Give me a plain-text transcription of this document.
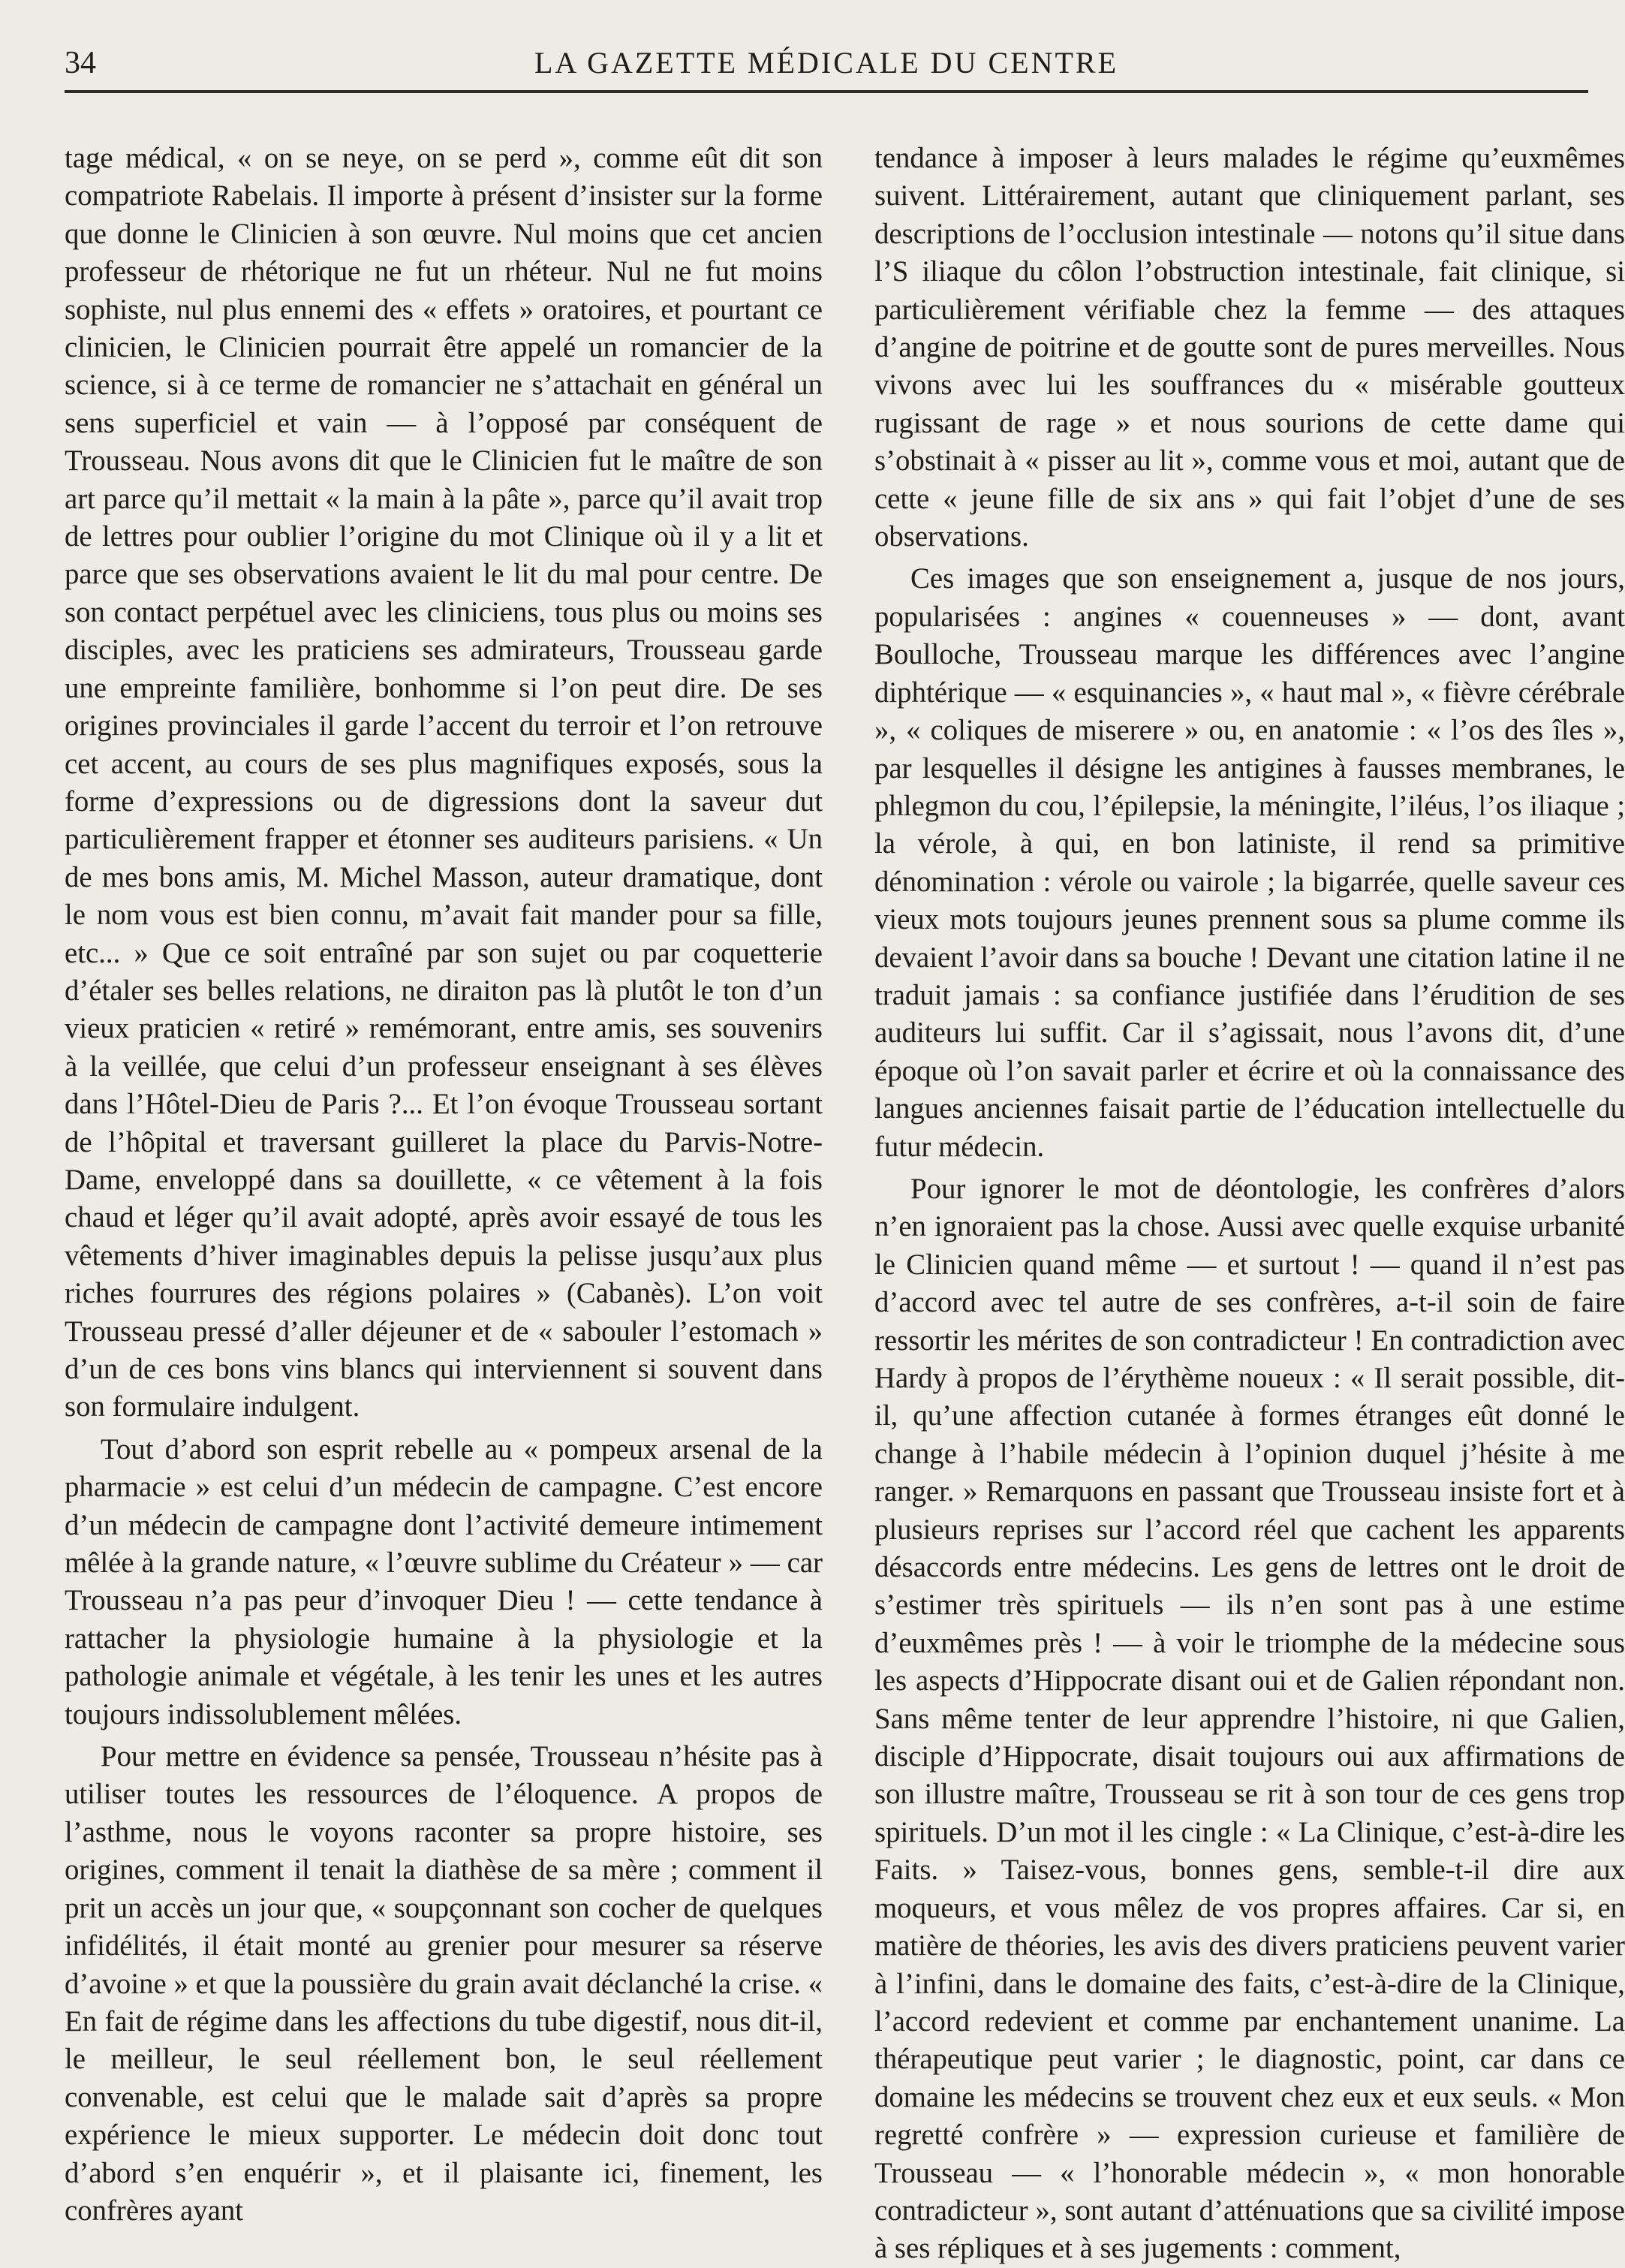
34	LA GAZETTE MÉDICALE DU CENTRE

tage médical, « on se neye, on se perd », comme eût dit son compatriote Rabelais. Il importe à présent d’insister sur la forme que donne le Clinicien à son œuvre. Nul moins que cet ancien professeur de rhétorique ne fut un rhéteur. Nul ne fut moins sophiste, nul plus ennemi des « effets » oratoires, et pourtant ce clinicien, le Clinicien pourrait être appelé un romancier de la science, si à ce terme de romancier ne s’attachait en général un sens superficiel et vain — à l’opposé par conséquent de Trousseau. Nous avons dit que le Clinicien fut le maître de son art parce qu’il mettait « la main à la pâte », parce qu’il avait trop de lettres pour oublier l’origine du mot Clinique où il y a lit et parce que ses observations avaient le lit du mal pour centre. De son contact perpétuel avec les cliniciens, tous plus ou moins ses disciples, avec les praticiens ses admirateurs, Trousseau garde une empreinte familière, bonhomme si l’on peut dire. De ses origines provinciales il garde l’accent du terroir et l’on retrouve cet accent, au cours de ses plus magnifiques exposés, sous la forme d’expressions ou de digressions dont la saveur dut particulièrement frapper et étonner ses auditeurs parisiens. « Un de mes bons amis, M. Michel Masson, auteur dramatique, dont le nom vous est bien connu, m’avait fait mander pour sa fille, etc... » Que ce soit entraîné par son sujet ou par coquetterie d’étaler ses belles relations, ne diraiton pas là plutôt le ton d’un vieux praticien « retiré » remémorant, entre amis, ses souvenirs à la veillée, que celui d’un professeur enseignant à ses élèves dans l’Hôtel-Dieu de Paris ?... Et l’on évoque Trousseau sortant de l’hôpital et traversant guilleret la place du Parvis-Notre-Dame, enveloppé dans sa douillette, « ce vêtement à la fois chaud et léger qu’il avait adopté, après avoir essayé de tous les vêtements d’hiver imaginables depuis la pelisse jusqu’aux plus riches fourrures des régions polaires » (Cabanès). L’on voit Trousseau pressé d’aller déjeuner et de « sabouler l’estomach » d’un de ces bons vins blancs qui interviennent si souvent dans son formulaire indulgent.

Tout d’abord son esprit rebelle au « pompeux arsenal de la pharmacie » est celui d’un médecin de campagne. C’est encore d’un médecin de campagne dont l’activité demeure intimement mêlée à la grande nature, « l’œuvre sublime du Créateur » — car Trousseau n’a pas peur d’invoquer Dieu ! — cette tendance à rattacher la physiologie humaine à la physiologie et la pathologie animale et végétale, à les tenir les unes et les autres toujours indissolublement mêlées.

Pour mettre en évidence sa pensée, Trousseau n’hésite pas à utiliser toutes les ressources de l’éloquence. A propos de l’asthme, nous le voyons raconter sa propre histoire, ses origines, comment il tenait la diathèse de sa mère ; comment il prit un accès un jour que, « soupçonnant son cocher de quelques infidélités, il était monté au grenier pour mesurer sa réserve d’avoine » et que la poussière du grain avait déclanché la crise. « En fait de régime dans les affections du tube digestif, nous dit-il, le meilleur, le seul réellement bon, le seul réellement convenable, est celui que le malade sait d’après sa propre expérience le mieux supporter. Le médecin doit donc tout d’abord s’en enquérir », et il plaisante ici, finement, les confrères ayant

tendance à imposer à leurs malades le régime qu’euxmêmes suivent. Littérairement, autant que cliniquement parlant, ses descriptions de l’occlusion intestinale — notons qu’il situe dans l’S iliaque du côlon l’obstruction intestinale, fait clinique, si particulièrement vérifiable chez la femme — des attaques d’angine de poitrine et de goutte sont de pures merveilles. Nous vivons avec lui les souffrances du « misérable goutteux rugissant de rage » et nous sourions de cette dame qui s’obstinait à « pisser au lit », comme vous et moi, autant que de cette « jeune fille de six ans » qui fait l’objet d’une de ses observations.

Ces images que son enseignement a, jusque de nos jours, popularisées : angines « couenneuses » — dont, avant Boulloche, Trousseau marque les différences avec l’angine diphtérique — « esquinancies », « haut mal », « fièvre cérébrale », « coliques de miserere » ou, en anatomie : « l’os des îles », par lesquelles il désigne les antigines à fausses membranes, le phlegmon du cou, l’épilepsie, la méningite, l’iléus, l’os iliaque ; la vérole, à qui, en bon latiniste, il rend sa primitive dénomination : vérole ou vairole ; la bigarrée, quelle saveur ces vieux mots toujours jeunes prennent sous sa plume comme ils devaient l’avoir dans sa bouche ! Devant une citation latine il ne traduit jamais : sa confiance justifiée dans l’érudition de ses auditeurs lui suffit. Car il s’agissait, nous l’avons dit, d’une époque où l’on savait parler et écrire et où la connaissance des langues anciennes faisait partie de l’éducation intellectuelle du futur médecin.

Pour ignorer le mot de déontologie, les confrères d’alors n’en ignoraient pas la chose. Aussi avec quelle exquise urbanité le Clinicien quand même — et surtout ! — quand il n’est pas d’accord avec tel autre de ses confrères, a-t-il soin de faire ressortir les mérites de son contradicteur ! En contradiction avec Hardy à propos de l’érythème noueux : « Il serait possible, dit-il, qu’une affection cutanée à formes étranges eût donné le change à l’habile médecin à l’opinion duquel j’hésite à me ranger. » Remarquons en passant que Trousseau insiste fort et à plusieurs reprises sur l’accord réel que cachent les apparents désaccords entre médecins. Les gens de lettres ont le droit de s’estimer très spirituels — ils n’en sont pas à une estime d’euxmêmes près ! — à voir le triomphe de la médecine sous les aspects d’Hippocrate disant oui et de Galien répondant non. Sans même tenter de leur apprendre l’histoire, ni que Galien, disciple d’Hippocrate, disait toujours oui aux affirmations de son illustre maître, Trousseau se rit à son tour de ces gens trop spirituels. D’un mot il les cingle : « La Clinique, c’est-à-dire les Faits. » Taisez-vous, bonnes gens, semble-t-il dire aux moqueurs, et vous mêlez de vos propres affaires. Car si, en matière de théories, les avis des divers praticiens peuvent varier à l’infini, dans le domaine des faits, c’est-à-dire de la Clinique, l’accord redevient et comme par enchantement unanime. La thérapeutique peut varier ; le diagnostic, point, car dans ce domaine les médecins se trouvent chez eux et eux seuls. « Mon regretté confrère » — expression curieuse et familière de Trousseau — « l’honorable médecin », « mon honorable contradicteur », sont autant d’atténuations que sa civilité impose à ses répliques et à ses jugements : comment,
